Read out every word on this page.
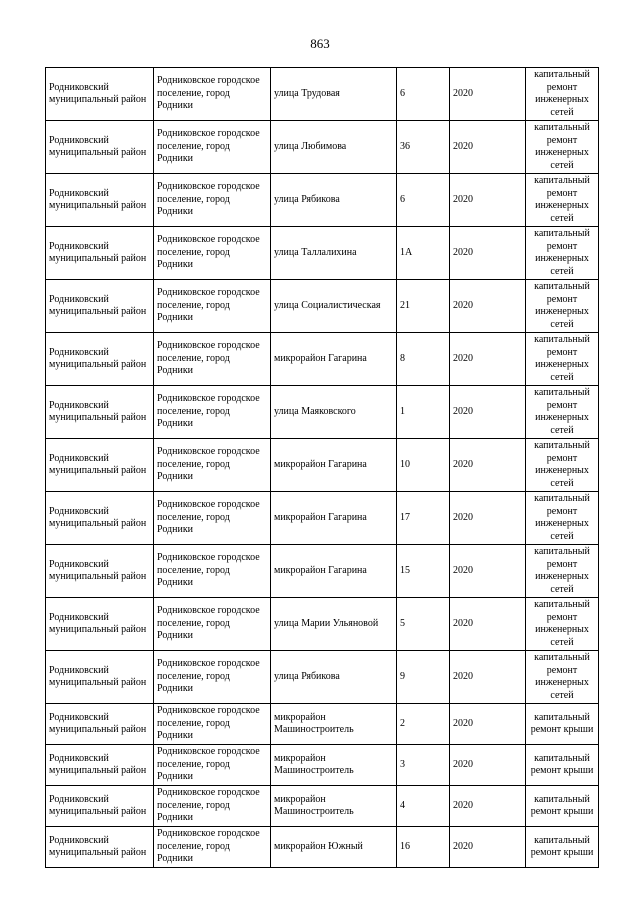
863
Родниковский муниципальный район	Родниковское городское поселение, город Родники	улица Трудовая	6	2020	капитальный ремонт инженерных сетей
Родниковский муниципальный район	Родниковское городское поселение, город Родники	улица Любимова	36	2020	капитальный ремонт инженерных сетей
Родниковский муниципальный район	Родниковское городское поселение, город Родники	улица Рябикова	6	2020	капитальный ремонт инженерных сетей
Родниковский муниципальный район	Родниковское городское поселение, город Родники	улица Таллалихина	1А	2020	капитальный ремонт инженерных сетей
Родниковский муниципальный район	Родниковское городское поселение, город Родники	улица Социалистическая	21	2020	капитальный ремонт инженерных сетей
Родниковский муниципальный район	Родниковское городское поселение, город Родники	микрорайон Гагарина	8	2020	капитальный ремонт инженерных сетей
Родниковский муниципальный район	Родниковское городское поселение, город Родники	улица Маяковского	1	2020	капитальный ремонт инженерных сетей
Родниковский муниципальный район	Родниковское городское поселение, город Родники	микрорайон Гагарина	10	2020	капитальный ремонт инженерных сетей
Родниковский муниципальный район	Родниковское городское поселение, город Родники	микрорайон Гагарина	17	2020	капитальный ремонт инженерных сетей
Родниковский муниципальный район	Родниковское городское поселение, город Родники	микрорайон Гагарина	15	2020	капитальный ремонт инженерных сетей
Родниковский муниципальный район	Родниковское городское поселение, город Родники	улица Марии Ульяновой	5	2020	капитальный ремонт инженерных сетей
Родниковский муниципальный район	Родниковское городское поселение, город Родники	улица Рябикова	9	2020	капитальный ремонт инженерных сетей
Родниковский муниципальный район	Родниковское городское поселение, город Родники	микрорайон Машиностроитель	2	2020	капитальный ремонт крыши
Родниковский муниципальный район	Родниковское городское поселение, город Родники	микрорайон Машиностроитель	3	2020	капитальный ремонт крыши
Родниковский муниципальный район	Родниковское городское поселение, город Родники	микрорайон Машиностроитель	4	2020	капитальный ремонт крыши
Родниковский муниципальный район	Родниковское городское поселение, город Родники	микрорайон Южный	16	2020	капитальный ремонт крыши
